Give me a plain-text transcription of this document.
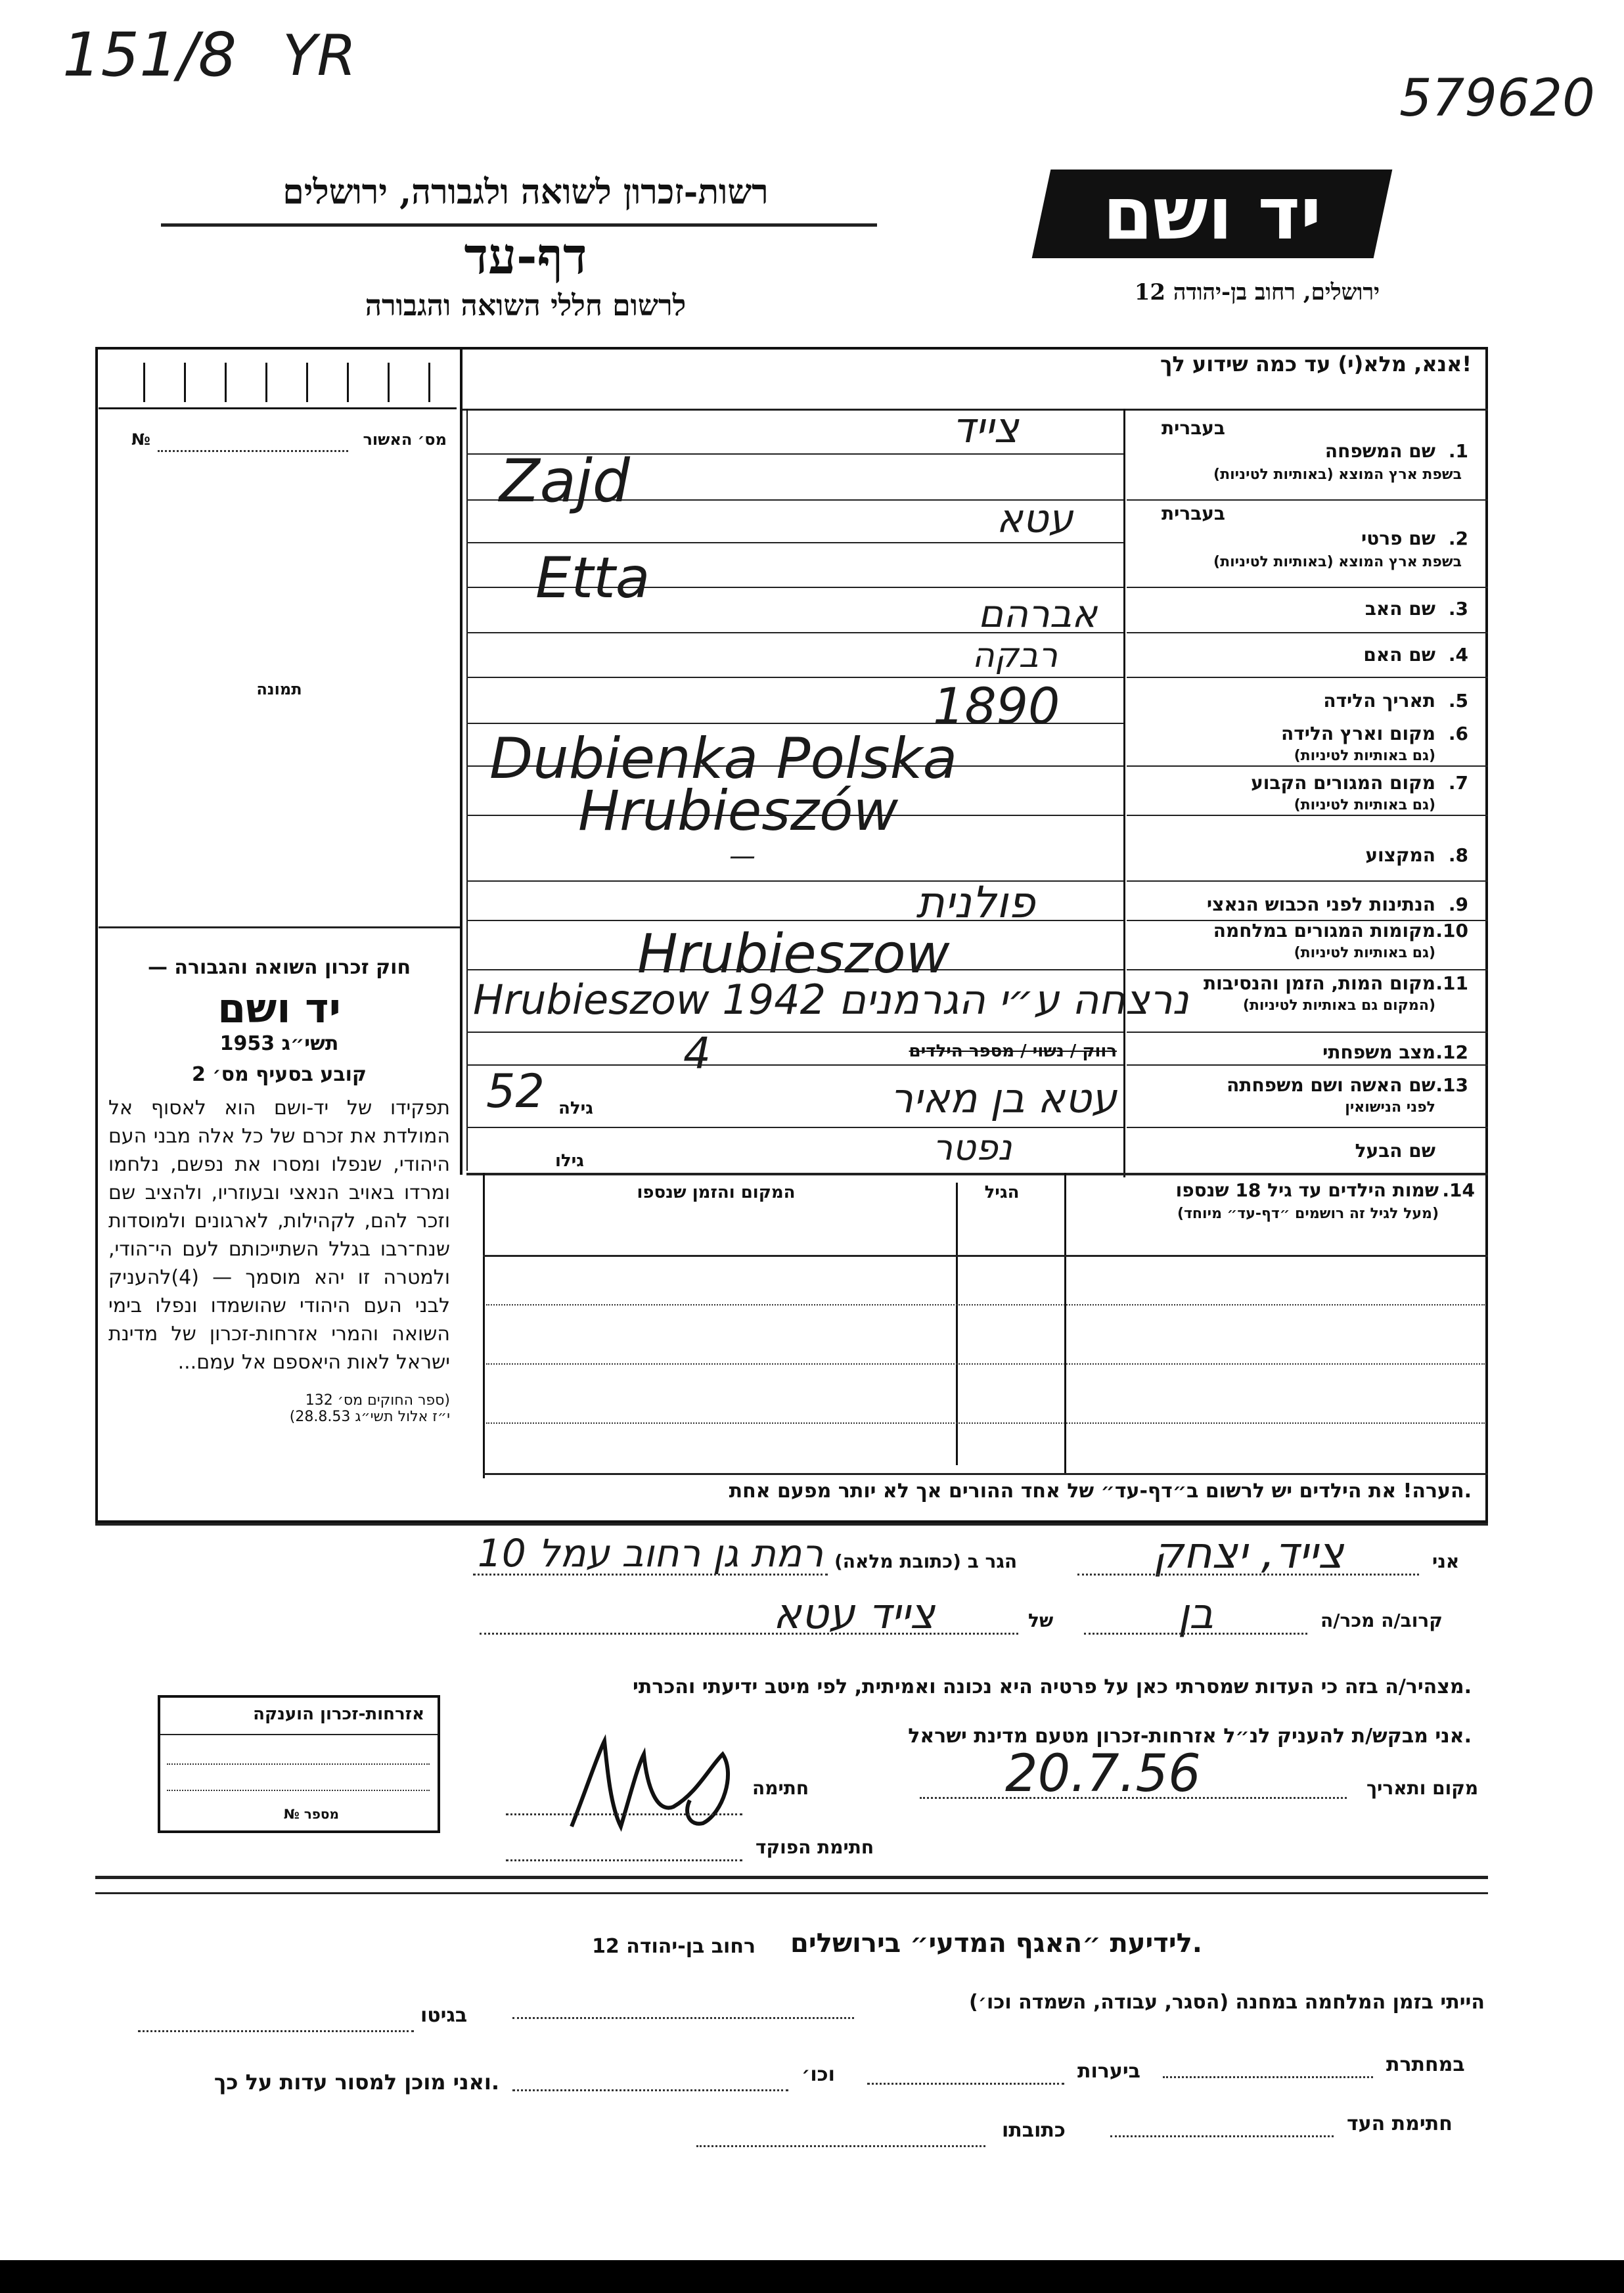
151/8 YR
579620
רשות-זכרון לשואה ולגבורה, ירושלים
דף-עד
לרשום חללי השואה והגבורה
יד ושם
ירושלים, רחוב בן-יהודה 12
אנא, מלא(י) עד כמה שידוע לך!
מס׳ האשור
№
תמונה
חוק זכרון השואה והגבורה —
יד ושם
תשי״ג 1953
קובע בסעיף מס׳ 2
תפקידו של יד-ושם הוא לאסוף אל המולדת את זכרם של כל אלה מבני העם היהודי, שנפלו ומסרו את נפשם, נלחמו ומרדו באויב הנאצי ובעוזריו, ולהציב שם וזכר להם, לקהילות, לארגונים ולמוסדות שנח־רבו בגלל השתייכותם לעם הי־הודי, ולמטרה זו יהא מוסמך — (4)להעניק לבני העם היהודי שהושמדו ונפלו בימי השואה והמרי אזרחות-זכרון של מדינת ישראל לאות היאספם אל עמם...
(ספר החוקים מס׳ 132
י״ז אלול תשי״ג 28.8.53)
אזרחות-זכרון הוענקה
מספר №
בעברית
1.
שם המשפחה
בשפת ארץ המוצא (באותיות לטיניות)
בעברית
2.
שם פרטי
בשפת ארץ המוצא (באותיות לטיניות)
3.
שם האב
4.
שם האם
5.
תאריך הלידה
6.
מקום וארץ הלידה
(גם באותיות לטיניות)
7.
מקום המגורים הקבוע
(גם באותיות לטיניות)
8.
המקצוע
9.
הנתינות לפני הכבוש הנאצי
10.
מקומות המגורים במלחמה
(גם באותיות לטיניות)
11.
מקום המות, הזמן והנסיבות
(המקום גם באותיות לטיניות)
12.
מצב משפחתי
13.
שם האשה ושם משפחתה
לפני הנישואין
שם הבעל
צייד
Zajd
עטא
Etta
אברהם
רבקה
1890
Dubienka Polska
Hrubieszów
—
פולנית
Hrubieszow
Hrubieszow 1942 נרצחה ע״י הגרמנים
רווק / נשוי / מספר הילדים
4
52 גילה	עטא בן מאיר
גילו	נפטר
14.
שמות הילדים עד גיל 18 שנספו
(מעל לגיל זה רושמים ״דף-עד״ מיוחד)
הגיל
המקום והזמן שנספו
הערה! את הילדים יש לרשום ב״דף-עד״ של אחד ההורים אך לא יותר מפעם אחת.
אני
צייד, יצחק
הגר ב (כתובת מלאה)
רמת גן רחוב עמל 10
קרוב/ה מכר/ה
בן
של
צייד עטא
מצהיר/ה בזה כי העדות שמסרתי כאן על פרטיה היא נכונה ואמיתית, לפי מיטב ידיעתי והכרתי.
אני מבקש/ת להעניק לנ״ל אזרחות-זכרון מטעם מדינת ישראל.
מקום ותאריך
20.7.56
חתימה
חתימת הפוקד
לידיעת ״האגף המדעי״ בירושלים.
רחוב בן-יהודה 12
הייתי בזמן המלחמה במחנה (הסגר, עבודה, השמדה וכו׳)
בגיטו
במחתרת
ביערות
וכו׳
ואני מוכן למסור עדות על כך.
חתימת העד
כתובתו
